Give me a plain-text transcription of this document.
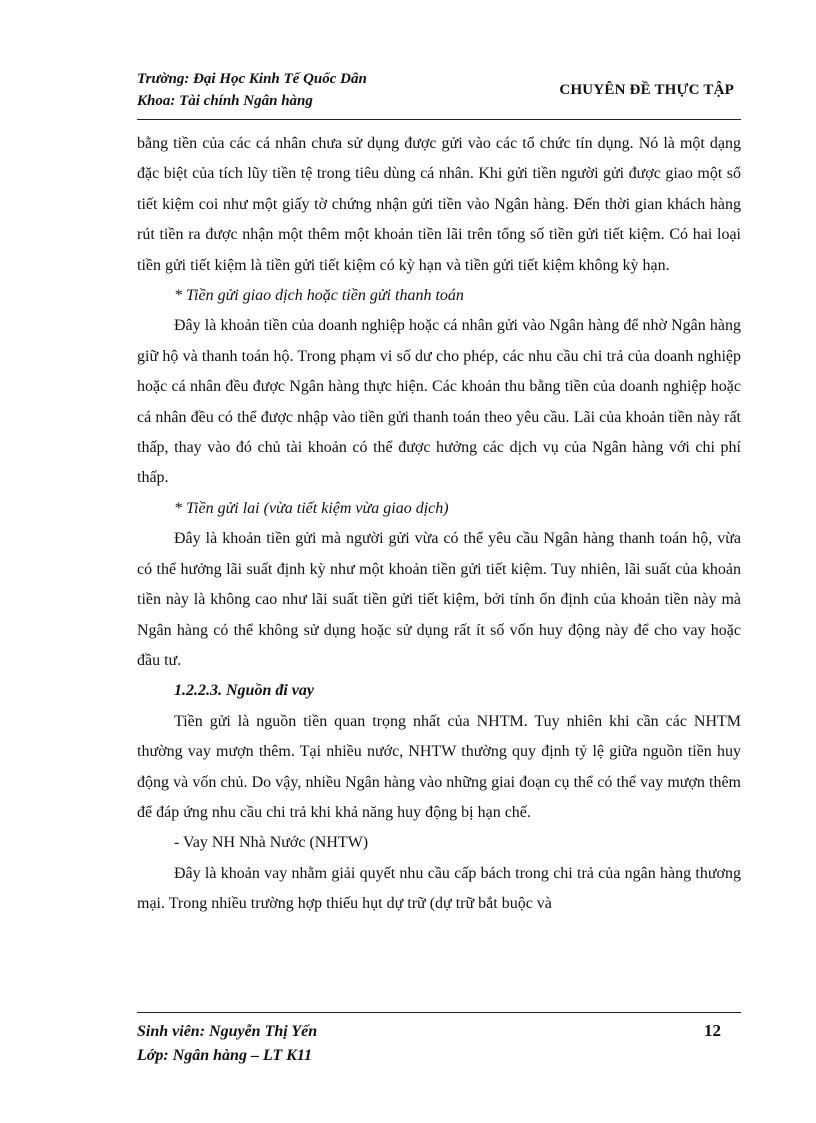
Trường: Đại Học Kinh Tế Quốc Dân
Khoa: Tài chính Ngân hàng
CHUYÊN ĐỀ THỰC TẬP

bằng tiền của các cá nhân chưa sử dụng được gửi vào các tổ chức tín dụng. Nó là một dạng đặc biệt của tích lũy tiền tệ trong tiêu dùng cá nhân. Khi gửi tiền người gửi được giao một sổ tiết kiệm coi như một giấy tờ chứng nhận gửi tiền vào Ngân hàng. Đến thời gian khách hàng rút tiền ra được nhận một thêm một khoản tiền lãi trên tổng số tiền gửi tiết kiệm. Có hai loại tiền gửi tiết kiệm là tiền gửi tiết kiệm có kỳ hạn và tiền gửi tiết kiệm không kỳ hạn.

* Tiền gửi giao dịch hoặc tiền gửi thanh toán

Đây là khoản tiền của doanh nghiệp hoặc cá nhân gửi vào Ngân hàng để nhờ Ngân hàng giữ hộ và thanh toán hộ. Trong phạm vi số dư cho phép, các nhu cầu chi trả của doanh nghiệp hoặc cá nhân đều được Ngân hàng thực hiện. Các khoản thu bằng tiền của doanh nghiệp hoặc cá nhân đều có thể được nhập vào tiền gửi thanh toán theo yêu cầu. Lãi của khoản tiền này rất thấp, thay vào đó chủ tài khoản có thể được hưởng các dịch vụ của Ngân hàng với chi phí thấp.

* Tiền gửi lai (vừa tiết kiệm vừa giao dịch)

Đây là khoản tiền gửi mà người gửi vừa có thể yêu cầu Ngân hàng thanh toán hộ, vừa có thể hưởng lãi suất định kỳ như một khoản tiền gửi tiết kiệm. Tuy nhiên, lãi suất của khoản tiền này là không cao như lãi suất tiền gửi tiết kiệm, bởi tính ổn định của khoản tiền này mà Ngân hàng có thể không sử dụng hoặc sử dụng rất ít số vốn huy động này để cho vay hoặc đầu tư.

1.2.2.3. Nguồn đi vay

Tiền gửi là nguồn tiền quan trọng nhất của NHTM. Tuy nhiên khi cần các NHTM thường vay mượn thêm. Tại nhiều nước, NHTW thường quy định tỷ lệ giữa nguồn tiền huy động và vốn chủ. Do vậy, nhiều Ngân hàng vào những giai đoạn cụ thể có thể vay mượn thêm để đáp ứng nhu cầu chi trả khi khả năng huy động bị hạn chế.

- Vay NH Nhà Nước (NHTW)

Đây là khoản vay nhằm giải quyết nhu cầu cấp bách trong chi trả của ngân hàng thương mại. Trong nhiều trường hợp thiếu hụt dự trữ (dự trữ bắt buộc và

Sinh viên: Nguyễn Thị Yến
Lớp: Ngân hàng – LT K11
12
